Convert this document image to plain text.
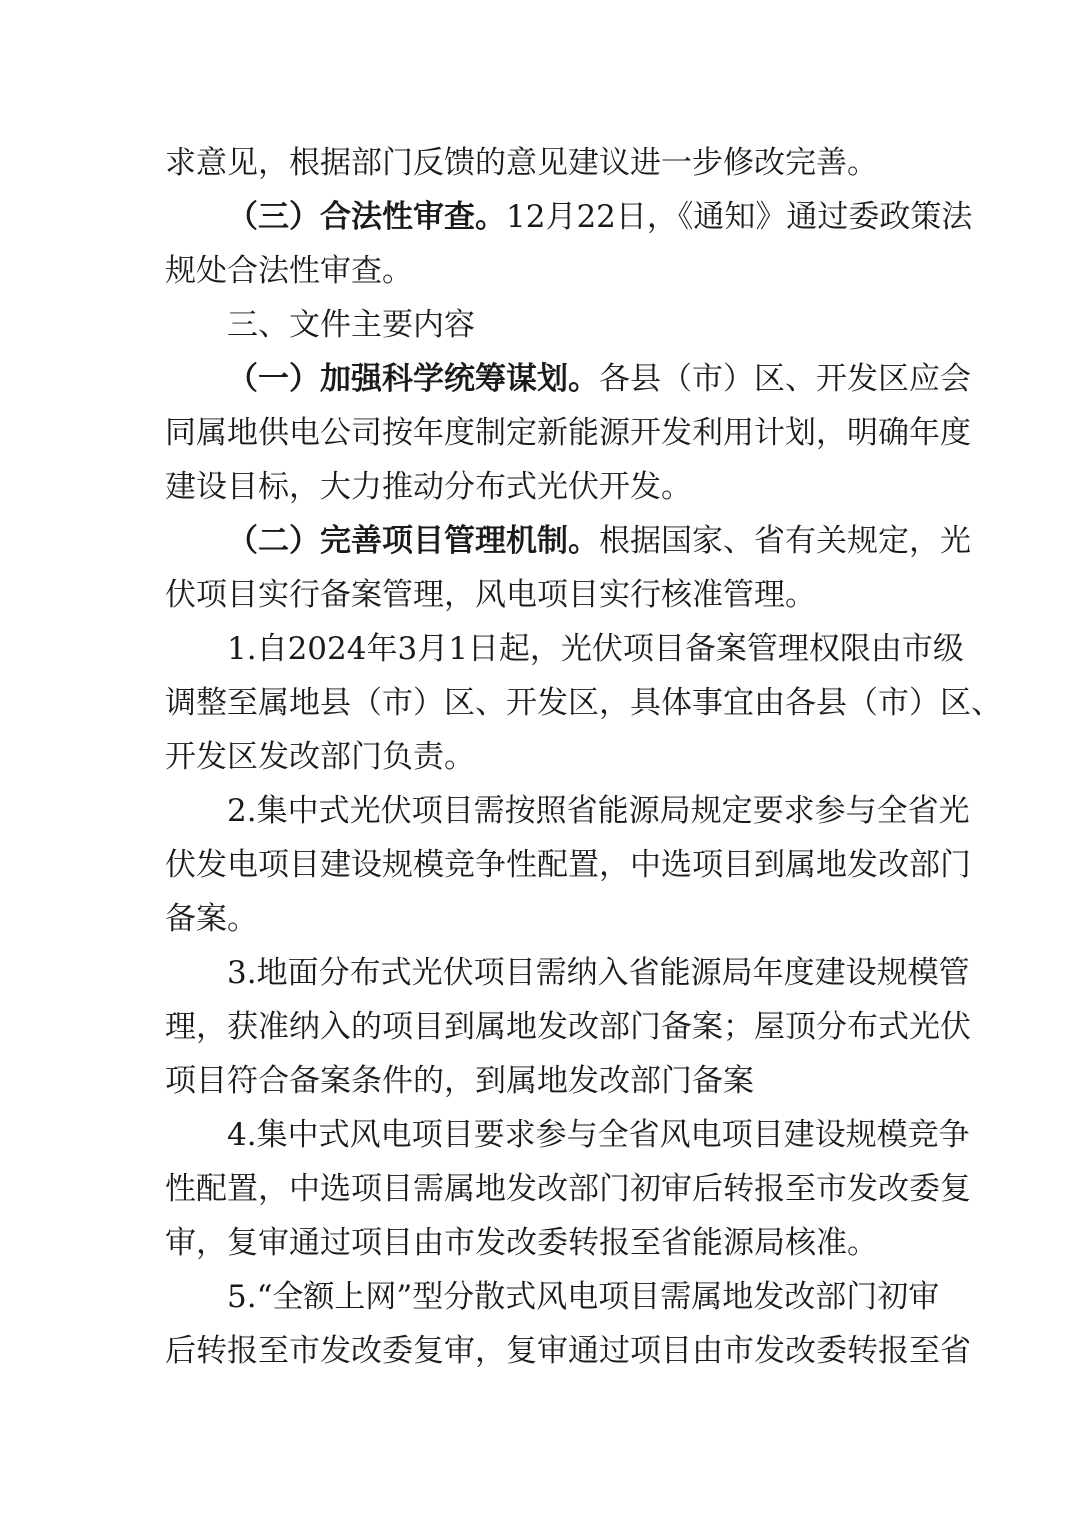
求意见，根据部门反馈的意见建议进一步修改完善。
（三）合法性审查。12月22日，《通知》通过委政策法
规处合法性审查。
三、文件主要内容
（一）加强科学统筹谋划。各县（市）区、开发区应会
同属地供电公司按年度制定新能源开发利用计划，明确年度
建设目标，大力推动分布式光伏开发。
（二）完善项目管理机制。根据国家、省有关规定，光
伏项目实行备案管理，风电项目实行核准管理。
1.自2024年3月1日起，光伏项目备案管理权限由市级
调整至属地县（市）区、开发区，具体事宜由各县（市）区、
开发区发改部门负责。
2.集中式光伏项目需按照省能源局规定要求参与全省光
伏发电项目建设规模竞争性配置，中选项目到属地发改部门
备案。
3.地面分布式光伏项目需纳入省能源局年度建设规模管
理，获准纳入的项目到属地发改部门备案；屋顶分布式光伏
项目符合备案条件的，到属地发改部门备案
4.集中式风电项目要求参与全省风电项目建设规模竞争
性配置，中选项目需属地发改部门初审后转报至市发改委复
审，复审通过项目由市发改委转报至省能源局核准。
5.“全额上网”型分散式风电项目需属地发改部门初审
后转报至市发改委复审，复审通过项目由市发改委转报至省
